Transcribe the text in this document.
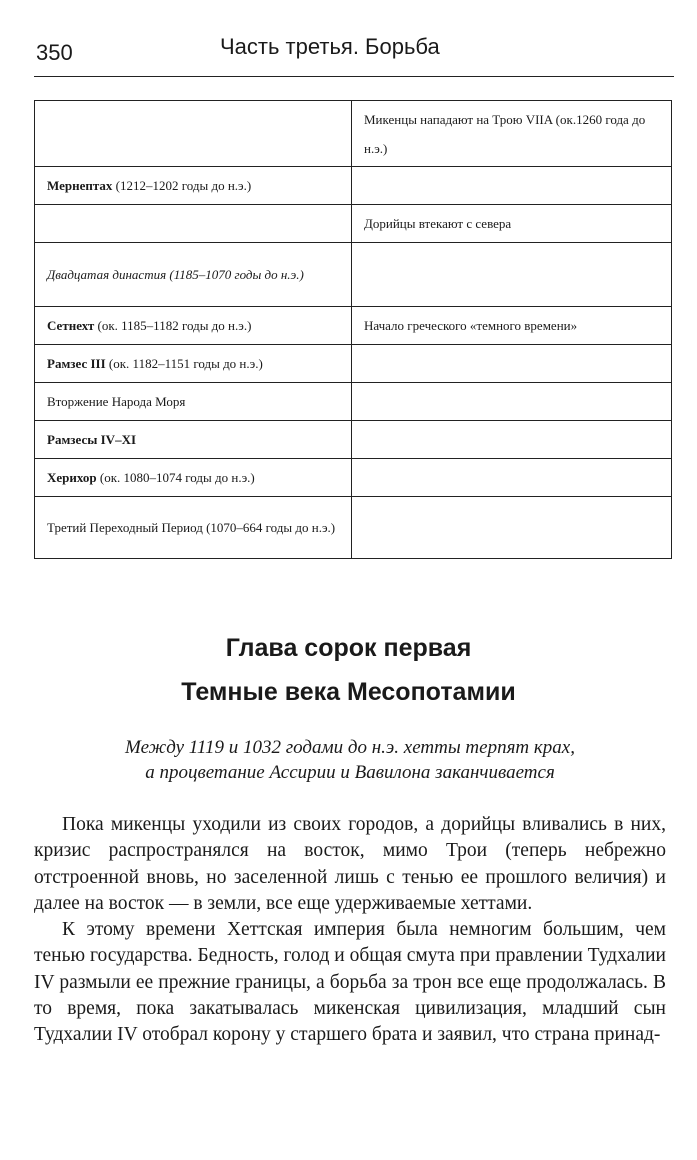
350	Часть третья. Борьба
	Микенцы нападают на Трою VIIA (ок.1260 года до н.э.)
Мернептах (1212–1202 годы до н.э.)	
	Дорийцы втекают с севера
Двадцатая династия (1185–1070 годы до н.э.)	
Сетнехт (ок. 1185–1182 годы до н.э.)	Начало греческого «темного времени»
Рамзес III (ок. 1182–1151 годы до н.э.)	
Вторжение Народа Моря	
Рамзесы IV–XI	
Херихор (ок. 1080–1074 годы до н.э.)	
Третий Переходный Период (1070–664 годы до н.э.)	
Глава сорок первая
Темные века Месопотамии
Между 1119 и 1032 годами до н.э. хетты терпят крах,
а процветание Ассирии и Вавилона заканчивается

Пока микенцы уходили из своих городов, а дорийцы вливались в них, кризис распространялся на восток, мимо Трои (теперь небрежно отстроенной вновь, но заселенной лишь с тенью ее прошлого величия) и далее на восток — в земли, все еще удерживаемые хеттами.

К этому времени Хеттская империя была немногим большим, чем тенью государства. Бедность, голод и общая смута при правлении Тудхалии IV размыли ее прежние границы, а борьба за трон все еще продолжалась. В то время, пока закатывалась микенская цивилизация, младший сын Тудхалии IV отобрал корону у старшего брата и заявил, что страна принад-
